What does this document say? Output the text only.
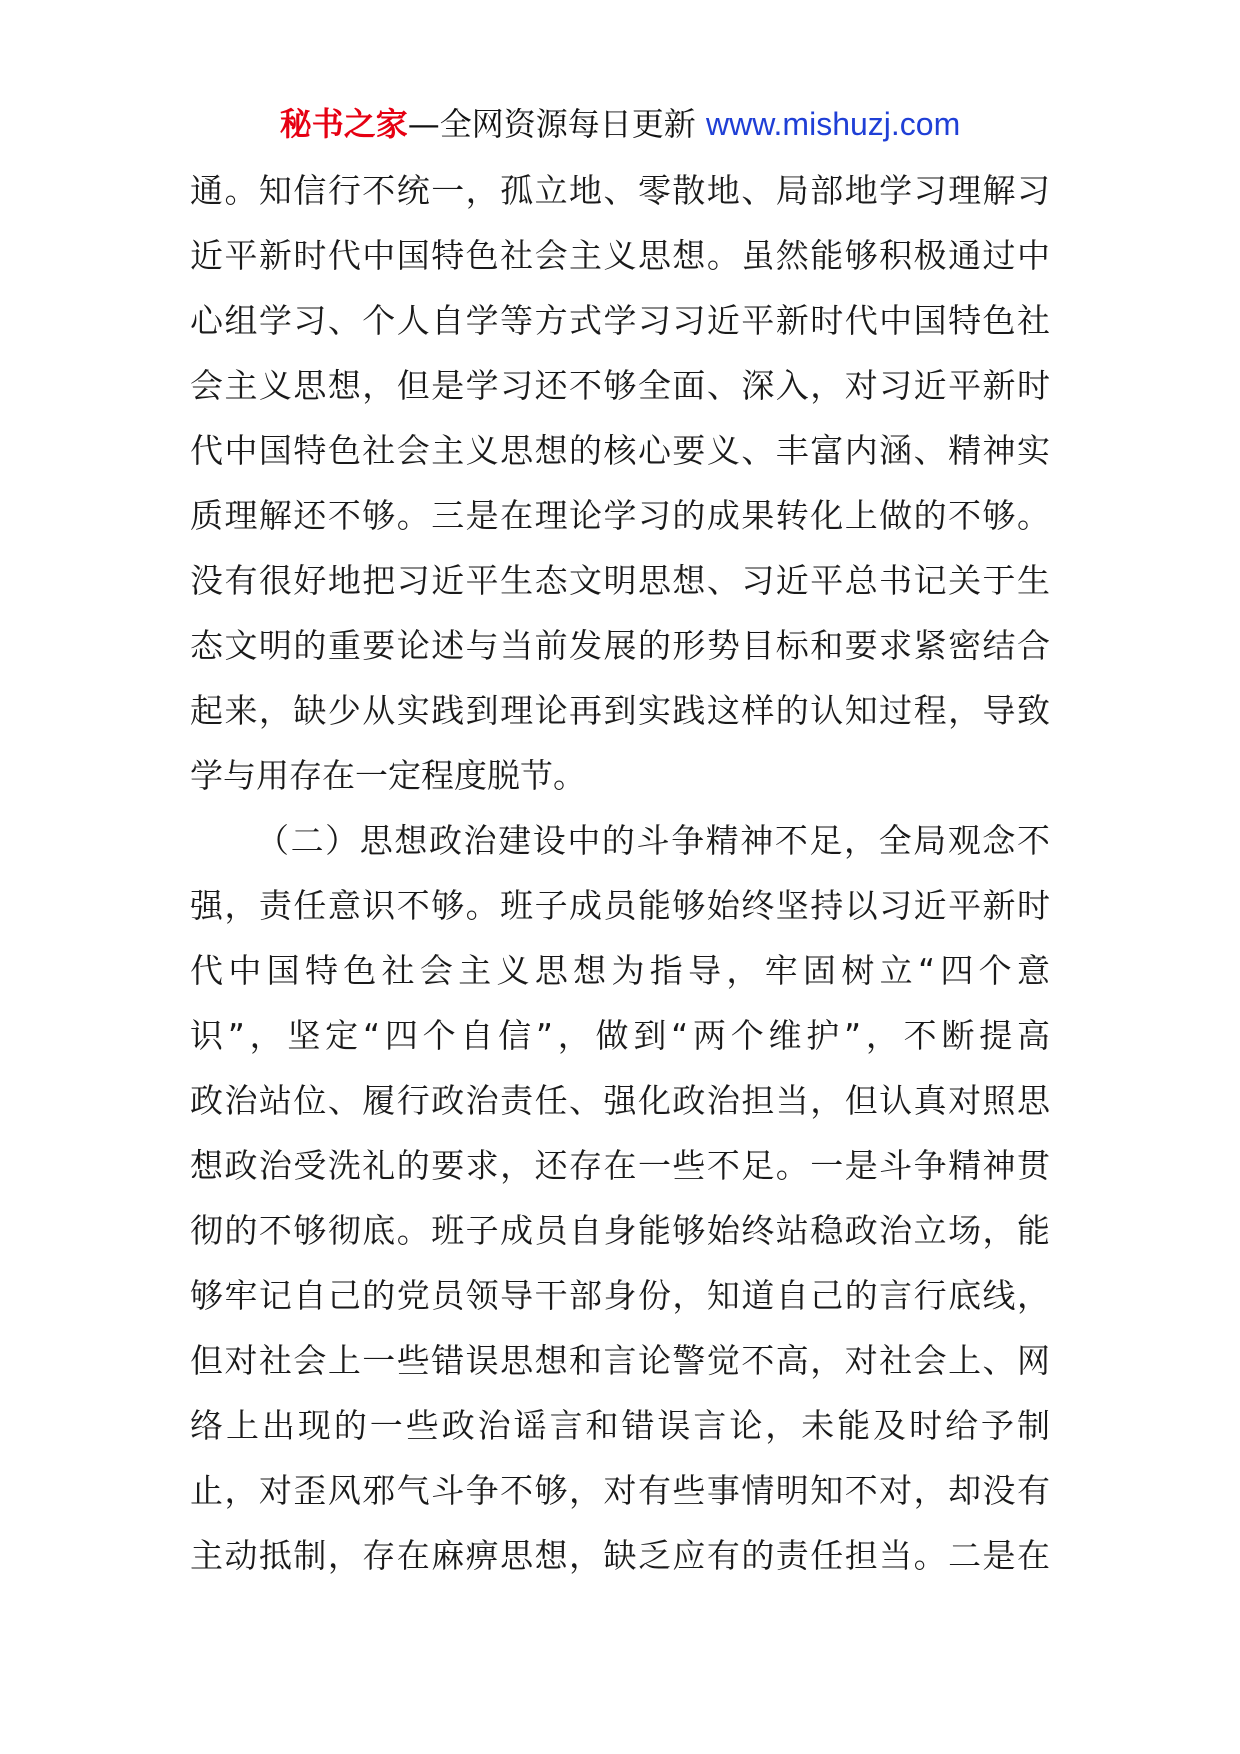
秘书之家—全网资源每日更新 www.mishuzj.com
通。知信行不统一，孤立地、零散地、局部地学习理解习
近平新时代中国特色社会主义思想。虽然能够积极通过中
心组学习、个人自学等方式学习习近平新时代中国特色社
会主义思想，但是学习还不够全面、深入，对习近平新时
代中国特色社会主义思想的核心要义、丰富内涵、精神实
质理解还不够。三是在理论学习的成果转化上做的不够。
没有很好地把习近平生态文明思想、习近平总书记关于生
态文明的重要论述与当前发展的形势目标和要求紧密结合
起来，缺少从实践到理论再到实践这样的认知过程，导致
学与用存在一定程度脱节。
（二）思想政治建设中的斗争精神不足，全局观念不
强，责任意识不够。班子成员能够始终坚持以习近平新时
代中国特色社会主义思想为指导，牢固树立“四个意
识”，坚定“四个自信”，做到“两个维护”，不断提高
政治站位、履行政治责任、强化政治担当，但认真对照思
想政治受洗礼的要求，还存在一些不足。一是斗争精神贯
彻的不够彻底。班子成员自身能够始终站稳政治立场，能
够牢记自己的党员领导干部身份，知道自己的言行底线，
但对社会上一些错误思想和言论警觉不高，对社会上、网
络上出现的一些政治谣言和错误言论，未能及时给予制
止，对歪风邪气斗争不够，对有些事情明知不对，却没有
主动抵制，存在麻痹思想，缺乏应有的责任担当。二是在
